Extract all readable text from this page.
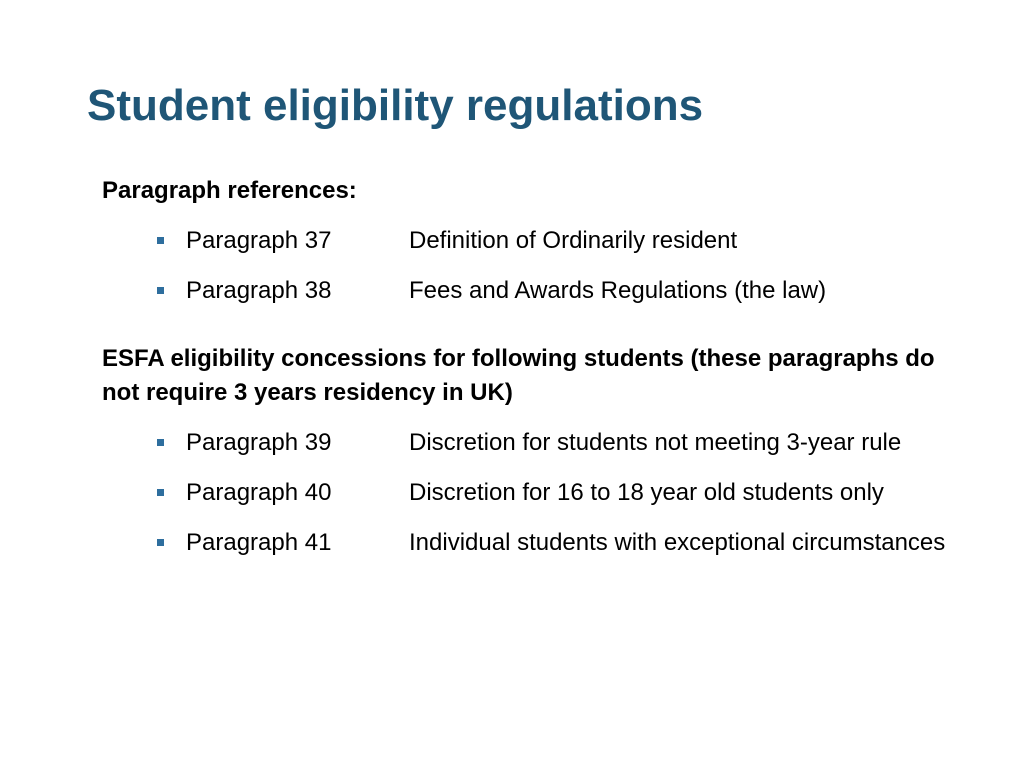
Student eligibility regulations
Paragraph references:
Paragraph 37	Definition of Ordinarily resident
Paragraph 38	Fees and Awards Regulations (the law)
ESFA eligibility concessions for following students (these paragraphs do not require 3 years residency in UK)
Paragraph 39	Discretion for students not meeting 3-year rule
Paragraph 40	Discretion for 16 to 18 year old students only
Paragraph 41	Individual students with exceptional circumstances
